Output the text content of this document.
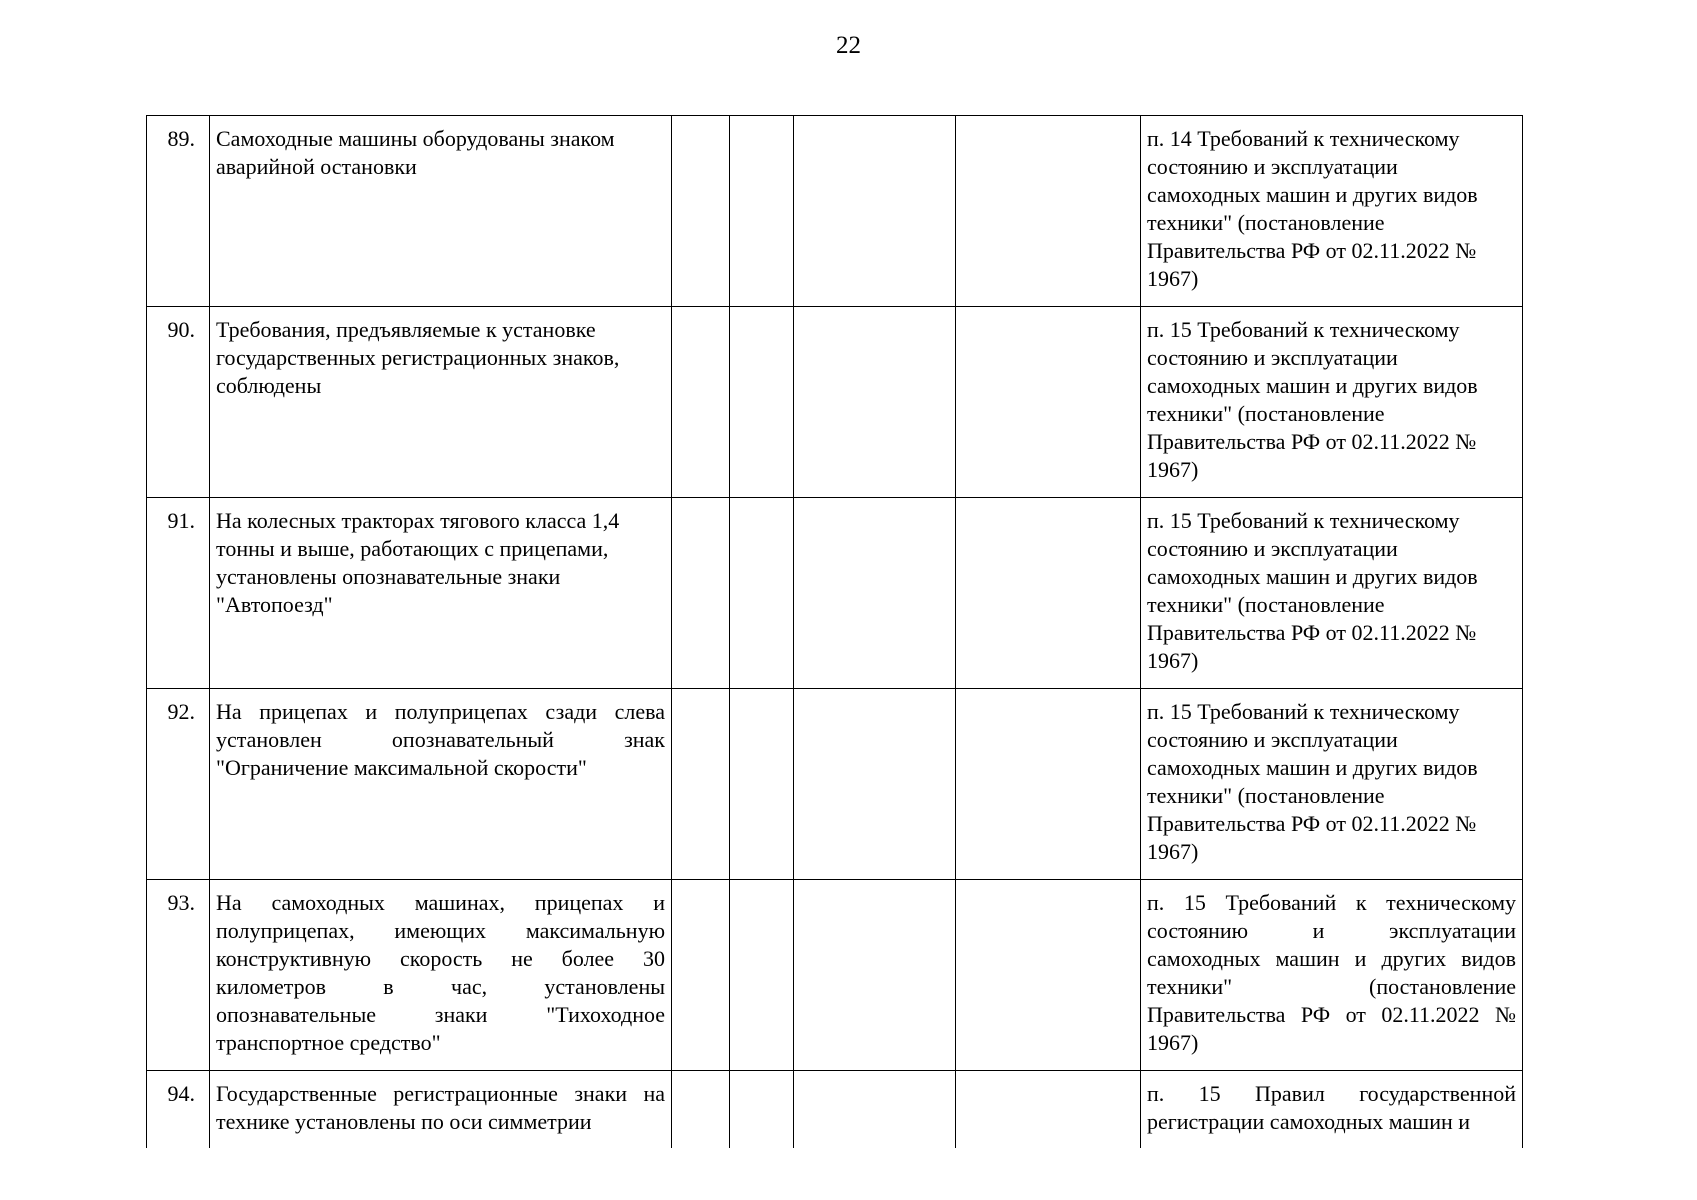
22
89.	Самоходные машины оборудованы знаком аварийной остановки					п. 14 Требований к техническому состоянию и эксплуатации самоходных машин и других видов техники" (постановление Правительства РФ от 02.11.2022 № 1967)
90.	Требования, предъявляемые к установке государственных регистрационных знаков, соблюдены					п. 15 Требований к техническому состоянию и эксплуатации самоходных машин и других видов техники" (постановление Правительства РФ от 02.11.2022 № 1967)
91.	На колесных тракторах тягового класса 1,4 тонны и выше, работающих с прицепами, установлены опознавательные знаки "Автопоезд"					п. 15 Требований к техническому состоянию и эксплуатации самоходных машин и других видов техники" (постановление Правительства РФ от 02.11.2022 № 1967)
92.	На прицепах и полуприцепах сзади слева установлен опознавательный знак "Ограничение максимальной скорости"					п. 15 Требований к техническому состоянию и эксплуатации самоходных машин и других видов техники" (постановление Правительства РФ от 02.11.2022 № 1967)
93.	На самоходных машинах, прицепах и полуприцепах, имеющих максимальную конструктивную скорость не более 30 километров в час, установлены опознавательные знаки "Тихоходное транспортное средство"					п. 15 Требований к техническому состоянию и эксплуатации самоходных машин и других видов техники" (постановление Правительства РФ от 02.11.2022 № 1967)
94.	Государственные регистрационные знаки на технике установлены по оси симметрии					п. 15 Правил государственной регистрации самоходных машин и
